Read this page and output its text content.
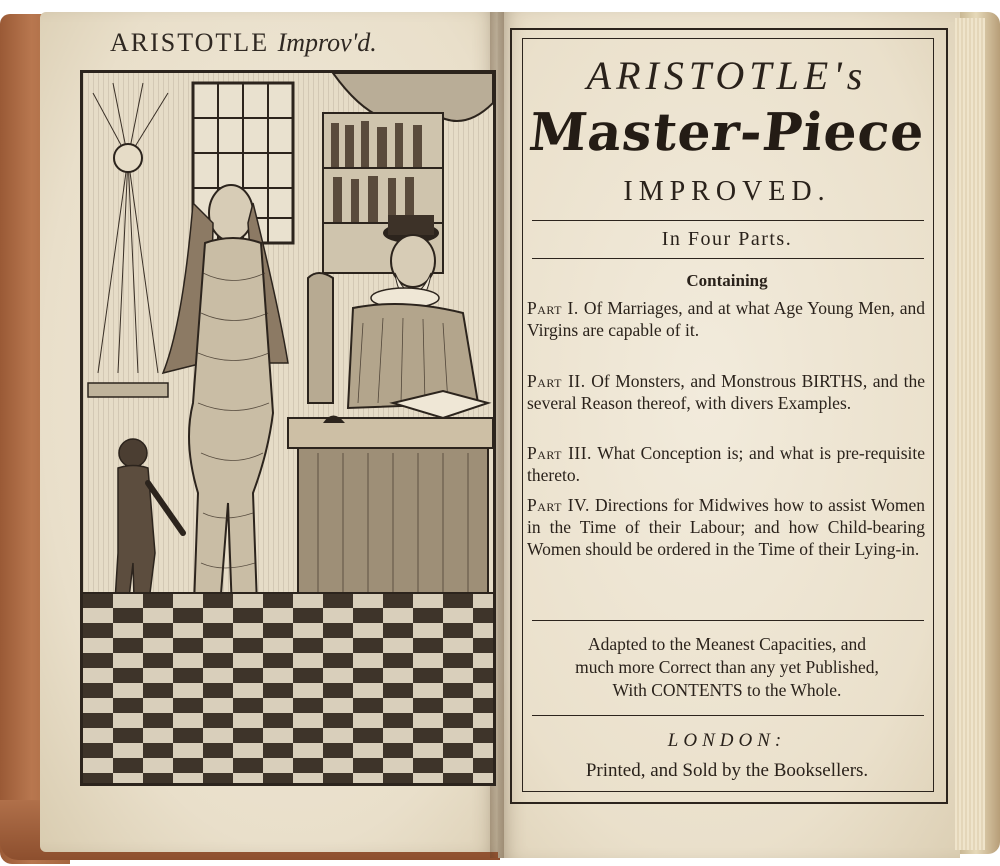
ARISTOTLE Improv'd.
ARISTOTLE's
Master-Piece
IMPROVED.
In Four Parts.
Containing
Part I. Of Marriages, and at what Age Young Men, and Virgins are capable of it.
Part II. Of Monsters, and Monstrous BIRTHS, and the several Reason thereof, with divers Examples.
Part III. What Conception is; and what is pre-requisite thereto.
Part IV. Directions for Midwives how to assist Women in the Time of their Labour; and how Child-bearing Women should be ordered in the Time of their Lying-in.
Adapted to the Meanest Capacities, and
much more Correct than any yet Published,
With CONTENTS to the Whole.
LONDON:
Printed, and Sold by the Booksellers.
